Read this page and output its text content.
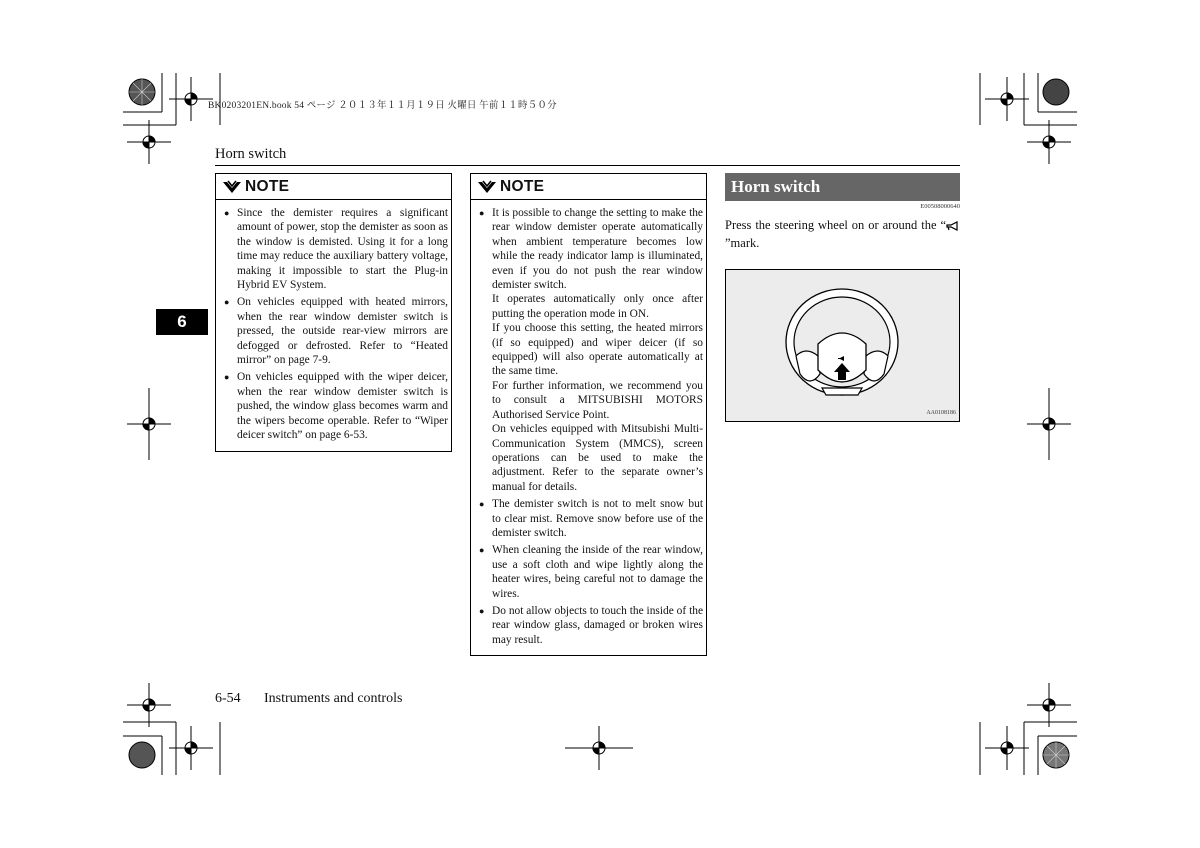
BK0203201EN.book 54 ページ ２０１３年１１月１９日 火曜日 午前１１時５０分
Horn switch
6
NOTE
● Since the demister requires a significant amount of power, stop the demister as soon as the window is demisted. Using it for a long time may reduce the auxiliary battery voltage, making it impossible to start the Plug-in Hybrid EV System.
● On vehicles equipped with heated mirrors, when the rear window demister switch is pressed, the outside rear-view mirrors are defogged or defrosted. Refer to “Heated mirror” on page 7-9.
● On vehicles equipped with the wiper deicer, when the rear window demister switch is pushed, the window glass becomes warm and the wipers become operable. Refer to “Wiper deicer switch” on page 6-53.
NOTE
● It is possible to change the setting to make the rear window demister operate automatically when ambient temperature becomes low while the ready indicator lamp is illuminated, even if you do not push the rear window demister switch.
It operates automatically only once after putting the operation mode in ON.
If you choose this setting, the heated mirrors (if so equipped) and wiper deicer (if so equipped) will also operate automatically at the same time.
For further information, we recommend you to consult a MITSUBISHI MOTORS Authorised Service Point.
On vehicles equipped with Mitsubishi Multi-Communication System (MMCS), screen operations can be used to make the adjustment. Refer to the separate owner’s manual for details.
● The demister switch is not to melt snow but to clear mist. Remove snow before use of the demister switch.
● When cleaning the inside of the rear window, use a soft cloth and wipe lightly along the heater wires, being careful not to damage the wires.
● Do not allow objects to touch the inside of the rear window glass, damaged or broken wires may result.
Horn switch
E00508000640
Press the steering wheel on or around the “”mark.
AA0108186
6-54 Instruments and controls
